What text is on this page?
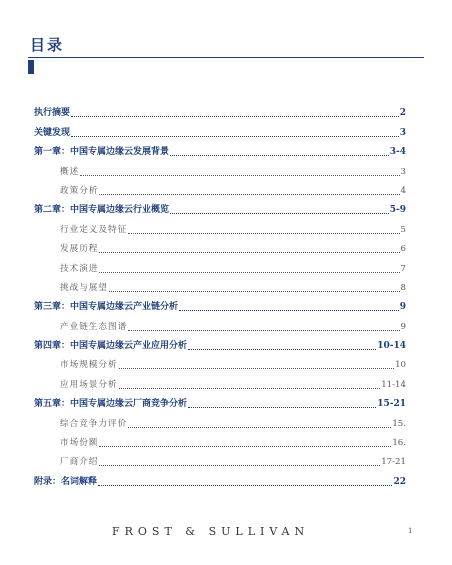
目录
执行摘要	2
关键发现	3
第一章：中国专属边缘云发展背景	3-4
概述	3
政策分析	4
第二章：中国专属边缘云行业概览	5-9
行业定义及特征	5
发展历程	6
技术演进	7
挑战与展望	8
第三章：中国专属边缘云产业链分析	9
产业链生态图谱	9
第四章：中国专属边缘云产业应用分析	10-14
市场规模分析	10
应用场景分析	11-14
第五章：中国专属边缘云厂商竞争分析	15-21
综合竞争力评价	15.
市场份额	16.
厂商介绍	17-21
附录：名词解释	22
FROST & SULLIVAN	1
